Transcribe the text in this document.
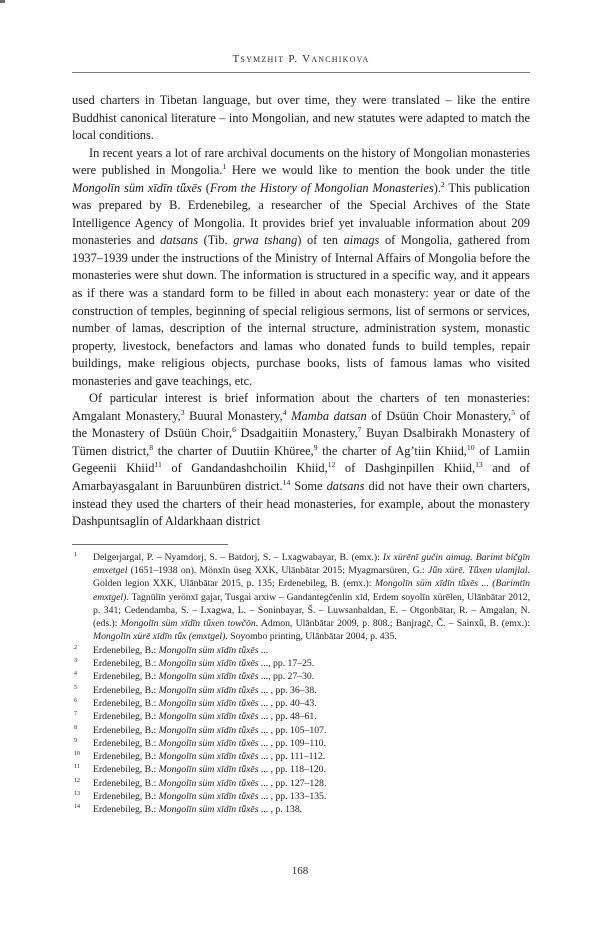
Tsymzhit P. Vanchikova

used charters in Tibetan language, but over time, they were translated – like the entire Buddhist canonical literature – into Mongolian, and new statutes were adapted to match the local conditions.

In recent years a lot of rare archival documents on the history of Mongolian monasteries were published in Mongolia.$^1$ Here we would like to mention the book under the title Mongolīn süm xīdīn tǖxēs (From the History of Mongolian Monasteries).$^2$ This publication was prepared by B. Erdenebileg, a researcher of the Special Archives of the State Intelligence Agency of Mongolia. It provides brief yet invaluable information about 209 monasteries and datsans (Tib. grwa tshang) of ten aimags of Mongolia, gathered from 1937–1939 under the instructions of the Ministry of Internal Affairs of Mongolia before the monasteries were shut down. The information is structured in a specific way, and it appears as if there was a standard form to be filled in about each monastery: year or date of the construction of temples, beginning of special religious sermons, list of sermons or services, number of lamas, description of the internal structure, administration system, monastic property, livestock, benefactors and lamas who donated funds to build temples, repair buildings, make religious objects, purchase books, lists of famous lamas who visited monasteries and gave teachings, etc.

Of particular interest is brief information about the charters of ten monasteries: Amgalant Monastery,$^3$ Buural Monastery,$^4$ Mamba datsan of Dsüün Choir Monastery,$^5$ of the Monastery of Dsüün Choir,$^6$ Dsadgaitiin Monastery,$^7$ Buyan Dsalbirakh Monastery of Tümen district,$^8$ the charter of Duutiin Khüree,$^9$ the charter of Ag’tiin Khiid,$^{10}$ of Lamiin Gegeenii Khiid$^{11}$ of Gandandashchoilin Khiid,$^{12}$ of Dashginpillen Khiid,$^{13}$ and of Amarbayasgalant in Baruunbüren district.$^{14}$ Some datsans did not have their own charters, instead they used the charters of their head monasteries, for example, about the monastery Dashpuntsaglin of Aldarkhaan district

$^1$	Delgerjargal, P. – Nyamdorj, S. – Batdorj, S. – Lxagwabayar, B. (emx.): Ix xürēnī gučin aimag. Barimt bičgīn emxetgel (1651–1938 on). Mönxīn üseg XXK, Ulānbātar 2015; Myagmarsüren, G.: Jǖn xürē. Tǖxen ulamjlal. Golden legion XXK, Ulānbātar 2015, p. 135; Erdenebileg, B. (emx.): Mongolīn süm xīdīn tǖxēs ... (Barimtīn emxtgel). Tagnūlīn yerönxī gajar, Tusgai arxiw – Gandantegčenlin xīd, Erdem soyolīn xürēlen, Ulānbātar 2012, p. 341; Cedendamba, S. – Lxagwa, L. – Soninbayar, Š. – Luwsanbaldan, E. – Otgonbātar, R. – Amgalan, N. (eds.): Mongolīn süm xīdīn tǖxen towčōn. Admon, Ulānbātar 2009, p. 808.; Banjragč, Č. – Sainxǖ, B. (emx.): Mongolīn xürē xīdīn tǖx (emxtgel). Soyombo printing, Ulānbātar 2004, p. 435.
$^2$	Erdenebileg, B.: Mongolīn süm xīdīn tǖxēs ...
$^3$	Erdenebileg, B.: Mongolīn süm xīdīn tǖxēs ..., pp. 17–25.
$^4$	Erdenebileg, B.: Mongolīn süm xīdīn tǖxēs ..., pp. 27–30.
$^5$	Erdenebileg, B.: Mongolīn süm xīdīn tǖxēs ... , pp. 36–38.
$^6$	Erdenebileg, B.: Mongolīn süm xīdīn tǖxēs ... , pp. 40–43.
$^7$	Erdenebileg, B.: Mongolīn süm xīdīn tǖxēs ... , pp. 48–61.
$^8$	Erdenebileg, B.: Mongolīn süm xīdīn tǖxēs ... , pp. 105–107.
$^9$	Erdenebileg, B.: Mongolīn süm xīdīn tǖxēs ... , pp. 109–110.
$^{10}$	Erdenebileg, B.: Mongolīn süm xīdīn tǖxēs ... , pp. 111–112.
$^{11}$	Erdenebileg, B.: Mongolīn süm xīdīn tǖxēs ... , pp. 118–120.
$^{12}$	Erdenebileg, B.: Mongolīn süm xīdīn tǖxēs ... , pp. 127–128.
$^{13}$	Erdenebileg, B.: Mongolīn süm xīdīn tǖxēs ... , pp. 133–135.
$^{14}$	Erdenebileg, B.: Mongolīn süm xīdīn tǖxēs ... , p. 138.
168
